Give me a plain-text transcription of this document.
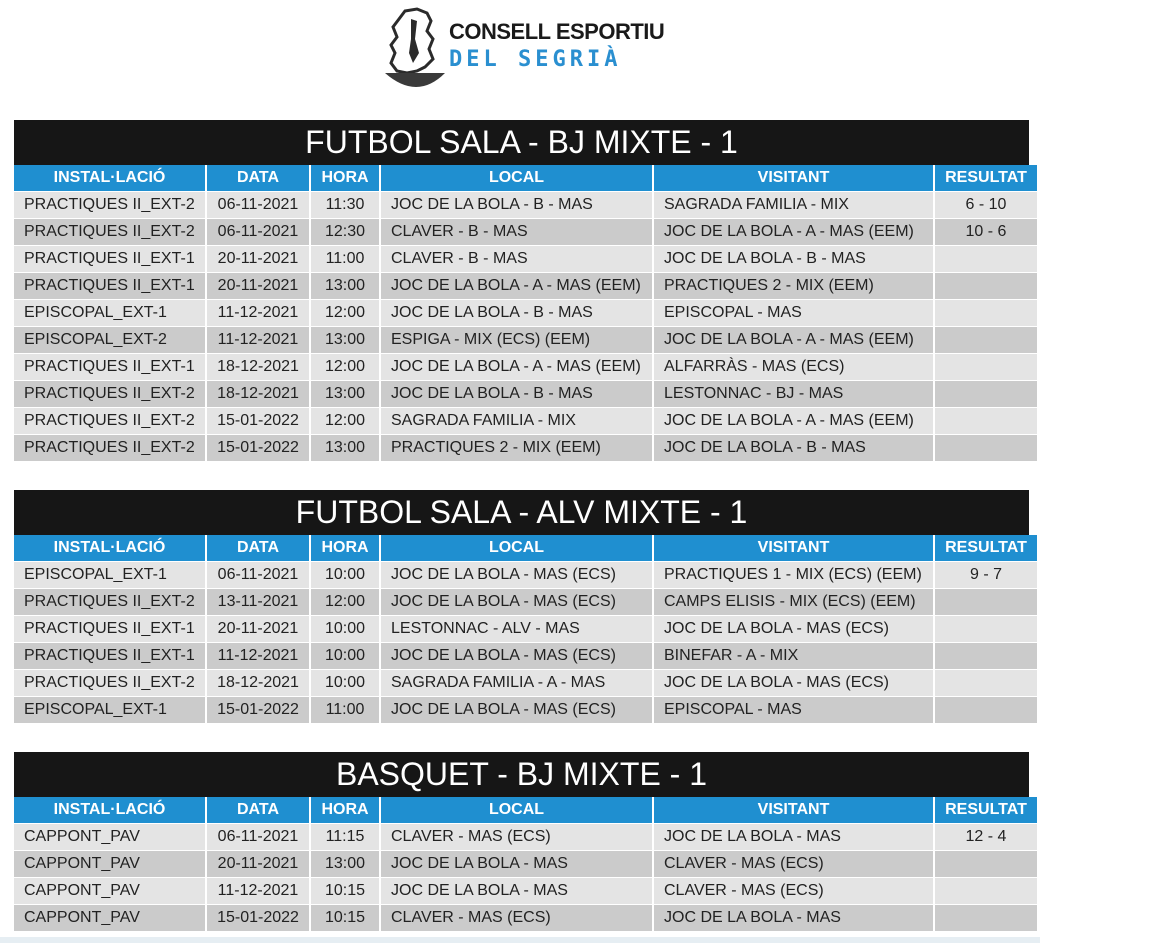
CONSELL ESPORTIU
DEL SEGRIÀ
FUTBOL SALA - BJ MIXTE - 1
INSTAL·LACIÓ	DATA	HORA	LOCAL	VISITANT	RESULTAT
PRACTIQUES II_EXT-2	06-11-2021	11:30	JOC DE LA BOLA - B - MAS	SAGRADA FAMILIA - MIX	6 - 10
PRACTIQUES II_EXT-2	06-11-2021	12:30	CLAVER - B - MAS	JOC DE LA BOLA - A - MAS (EEM)	10 - 6
PRACTIQUES II_EXT-1	20-11-2021	11:00	CLAVER - B - MAS	JOC DE LA BOLA - B - MAS
PRACTIQUES II_EXT-1	20-11-2021	13:00	JOC DE LA BOLA - A - MAS (EEM)	PRACTIQUES 2 - MIX (EEM)
EPISCOPAL_EXT-1	11-12-2021	12:00	JOC DE LA BOLA - B - MAS	EPISCOPAL - MAS
EPISCOPAL_EXT-2	11-12-2021	13:00	ESPIGA - MIX (ECS) (EEM)	JOC DE LA BOLA - A - MAS (EEM)
PRACTIQUES II_EXT-1	18-12-2021	12:00	JOC DE LA BOLA - A - MAS (EEM)	ALFARRÀS - MAS (ECS)
PRACTIQUES II_EXT-2	18-12-2021	13:00	JOC DE LA BOLA - B - MAS	LESTONNAC - BJ - MAS
PRACTIQUES II_EXT-2	15-01-2022	12:00	SAGRADA FAMILIA - MIX	JOC DE LA BOLA - A - MAS (EEM)
PRACTIQUES II_EXT-2	15-01-2022	13:00	PRACTIQUES 2 - MIX (EEM)	JOC DE LA BOLA - B - MAS
FUTBOL SALA - ALV MIXTE - 1
INSTAL·LACIÓ	DATA	HORA	LOCAL	VISITANT	RESULTAT
EPISCOPAL_EXT-1	06-11-2021	10:00	JOC DE LA BOLA - MAS (ECS)	PRACTIQUES 1 - MIX (ECS) (EEM)	9 - 7
PRACTIQUES II_EXT-2	13-11-2021	12:00	JOC DE LA BOLA - MAS (ECS)	CAMPS ELISIS - MIX (ECS) (EEM)
PRACTIQUES II_EXT-1	20-11-2021	10:00	LESTONNAC - ALV - MAS	JOC DE LA BOLA - MAS (ECS)
PRACTIQUES II_EXT-1	11-12-2021	10:00	JOC DE LA BOLA - MAS (ECS)	BINEFAR - A - MIX
PRACTIQUES II_EXT-2	18-12-2021	10:00	SAGRADA FAMILIA - A - MAS	JOC DE LA BOLA - MAS (ECS)
EPISCOPAL_EXT-1	15-01-2022	11:00	JOC DE LA BOLA - MAS (ECS)	EPISCOPAL - MAS
BASQUET - BJ MIXTE - 1
INSTAL·LACIÓ	DATA	HORA	LOCAL	VISITANT	RESULTAT
CAPPONT_PAV	06-11-2021	11:15	CLAVER - MAS (ECS)	JOC DE LA BOLA - MAS	12 - 4
CAPPONT_PAV	20-11-2021	13:00	JOC DE LA BOLA - MAS	CLAVER - MAS (ECS)
CAPPONT_PAV	11-12-2021	10:15	JOC DE LA BOLA - MAS	CLAVER - MAS (ECS)
CAPPONT_PAV	15-01-2022	10:15	CLAVER - MAS (ECS)	JOC DE LA BOLA - MAS
